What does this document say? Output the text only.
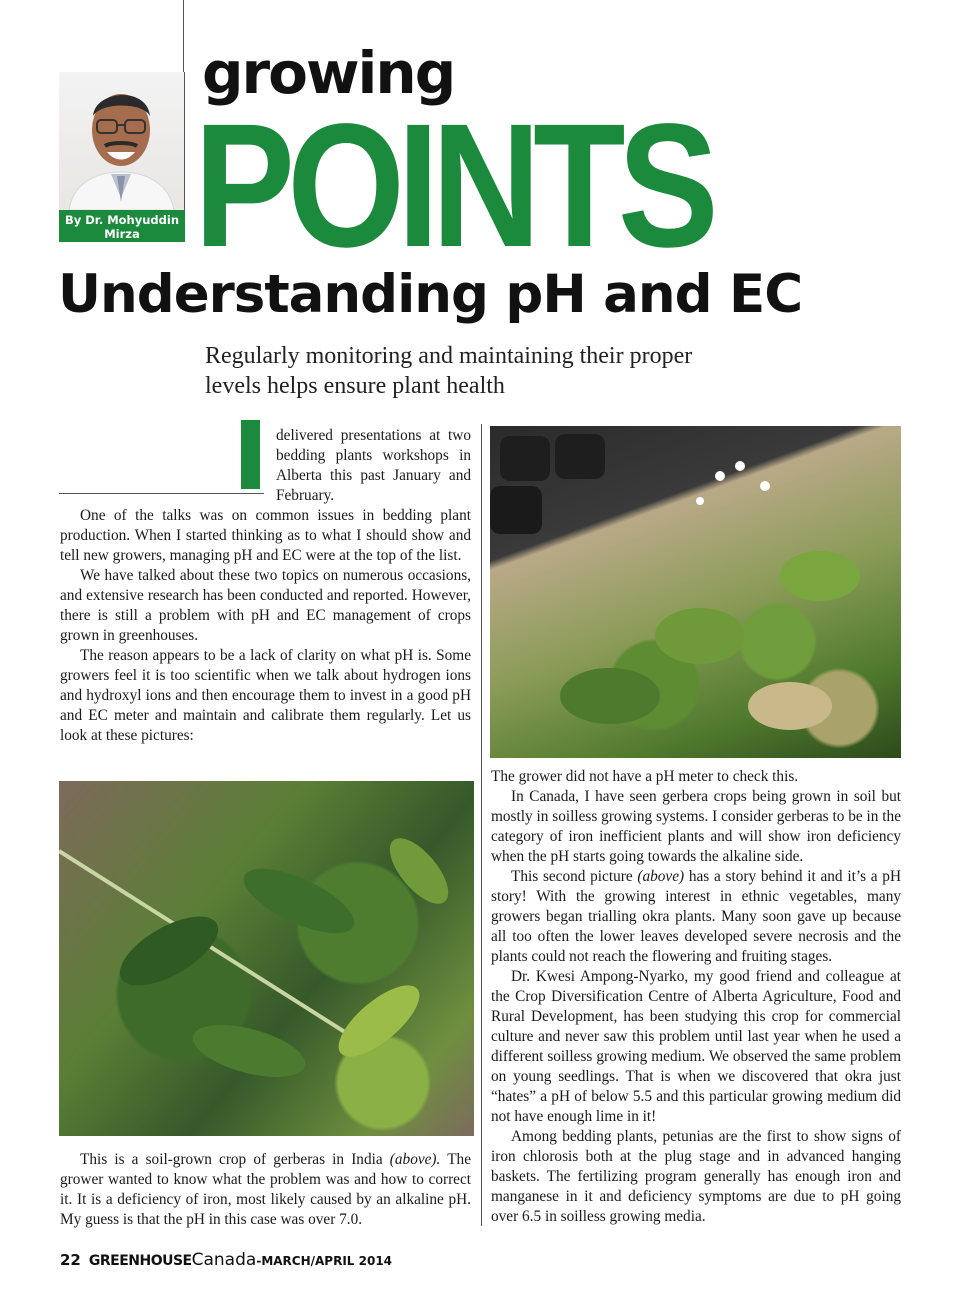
By Dr. Mohyuddin Mirza
growing
POINTS
Understanding pH and EC
Regularly monitoring and maintaining their proper levels helps ensure plant health

delivered presentations at two bedding plants workshops in Alberta this past January and February.

One of the talks was on common issues in bedding plant production. When I started thinking as to what I should show and tell new growers, managing pH and EC were at the top of the list.

We have talked about these two topics on numerous occasions, and extensive research has been conducted and reported. However, there is still a problem with pH and EC management of crops grown in greenhouses.

The reason appears to be a lack of clarity on what pH is. Some growers feel it is too scientific when we talk about hydrogen ions and hydroxyl ions and then encourage them to invest in a good pH and EC meter and maintain and calibrate them regularly. Let us look at these pictures:

This is a soil-grown crop of gerberas in India (above). The grower wanted to know what the problem was and how to correct it. It is a deficiency of iron, most likely caused by an alkaline pH. My guess is that the pH in this case was over 7.0.

The grower did not have a pH meter to check this.

In Canada, I have seen gerbera crops being grown in soil but mostly in soilless growing systems. I consider gerberas to be in the category of iron inefficient plants and will show iron deficiency when the pH starts going towards the alkaline side.

This second picture (above) has a story behind it and it’s a pH story! With the growing interest in ethnic vegetables, many growers began trialling okra plants. Many soon gave up because all too often the lower leaves developed severe necrosis and the plants could not reach the flowering and fruiting stages.

Dr. Kwesi Ampong-Nyarko, my good friend and colleague at the Crop Diversification Centre of Alberta Agriculture, Food and Rural Development, has been studying this crop for commercial culture and never saw this problem until last year when he used a different soilless growing medium. We observed the same problem on young seedlings. That is when we discovered that okra just “hates” a pH of below 5.5 and this particular growing medium did not have enough lime in it!

Among bedding plants, petunias are the first to show signs of iron chlorosis both at the plug stage and in advanced hanging baskets. The fertilizing program generally has enough iron and manganese in it and deficiency symptoms are due to pH going over 6.5 in soilless growing media.

22 GREENHOUSECanada-MARCH/APRIL 2014
